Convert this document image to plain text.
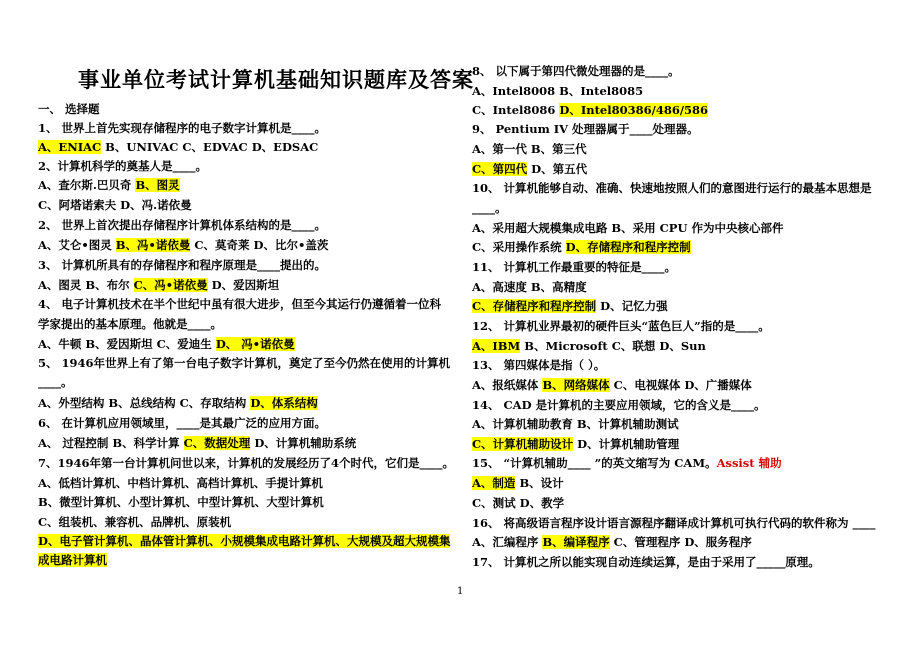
事业单位考试计算机基础知识题库及答案
一、 选择题
1、 世界上首先实现存储程序的电子数字计算机是____。
A、ENIAC B、UNIVAC C、EDVAC D、EDSAC
2、计算机科学的奠基人是____。
A、查尔斯.巴贝奇 B、图灵
C、阿塔诺索夫 D、冯.诺依曼
2、 世界上首次提出存储程序计算机体系结构的是____。
A、艾仑•图灵 B、冯•诺依曼 C、莫奇莱 D、比尔•盖茨
3、 计算机所具有的存储程序和程序原理是____提出的。
A、图灵 B、布尔 C、冯•诺依曼 D、爱因斯坦
4、 电子计算机技术在半个世纪中虽有很大进步，但至今其运行仍遵循着一位科
学家提出的基本原理。他就是____。
A、牛顿 B、爱因斯坦 C、爱迪生 D、 冯•诺依曼
5、 1946年世界上有了第一台电子数字计算机，奠定了至今仍然在使用的计算机
____。
A、外型结构 B、总线结构 C、存取结构 D、体系结构
6、 在计算机应用领域里，____是其最广泛的应用方面。
A、 过程控制 B、科学计算 C、数据处理 D、计算机辅助系统
7、1946年第一台计算机问世以来，计算机的发展经历了4个时代，它们是____。
A、低档计算机、中档计算机、高档计算机、手提计算机
B、微型计算机、小型计算机、中型计算机、大型计算机
C、组装机、兼容机、品牌机、原装机
D、电子管计算机、晶体管计算机、小规模集成电路计算机、大规模及超大规模集
成电路计算机
8、 以下属于第四代微处理器的是____。
A、Intel8008 B、Intel8085
C、Intel8086 D、Intel80386/486/586
9、 Pentium IV 处理器属于____处理器。
A、第一代 B、第三代
C、第四代 D、第五代
10、 计算机能够自动、准确、快速地按照人们的意图进行运行的最基本思想是
____。
A、采用超大规模集成电路 B、采用 CPU 作为中央核心部件
C、采用操作系统 D、存储程序和程序控制
11、 计算机工作最重要的特征是____。
A、高速度 B、高精度
C、存储程序和程序控制 D、记忆力强
12、 计算机业界最初的硬件巨头“蓝色巨人”指的是____。
A、IBM B、Microsoft C、联想 D、Sun
13、 第四媒体是指（ ）。
A、报纸媒体 B、网络媒体 C、电视媒体 D、广播媒体
14、 CAD 是计算机的主要应用领域，它的含义是____。
A、计算机辅助教育 B、计算机辅助测试
C、计算机辅助设计 D、计算机辅助管理
15、 “计算机辅助____ ”的英文缩写为 CAM。Assist 辅助
A、制造 B、设计
C、测试 D、教学
16、 将高级语言程序设计语言源程序翻译成计算机可执行代码的软件称为 ____
A、汇编程序 B、编译程序 C、管理程序 D、服务程序
17、 计算机之所以能实现自动连续运算，是由于采用了_____原理。
1
